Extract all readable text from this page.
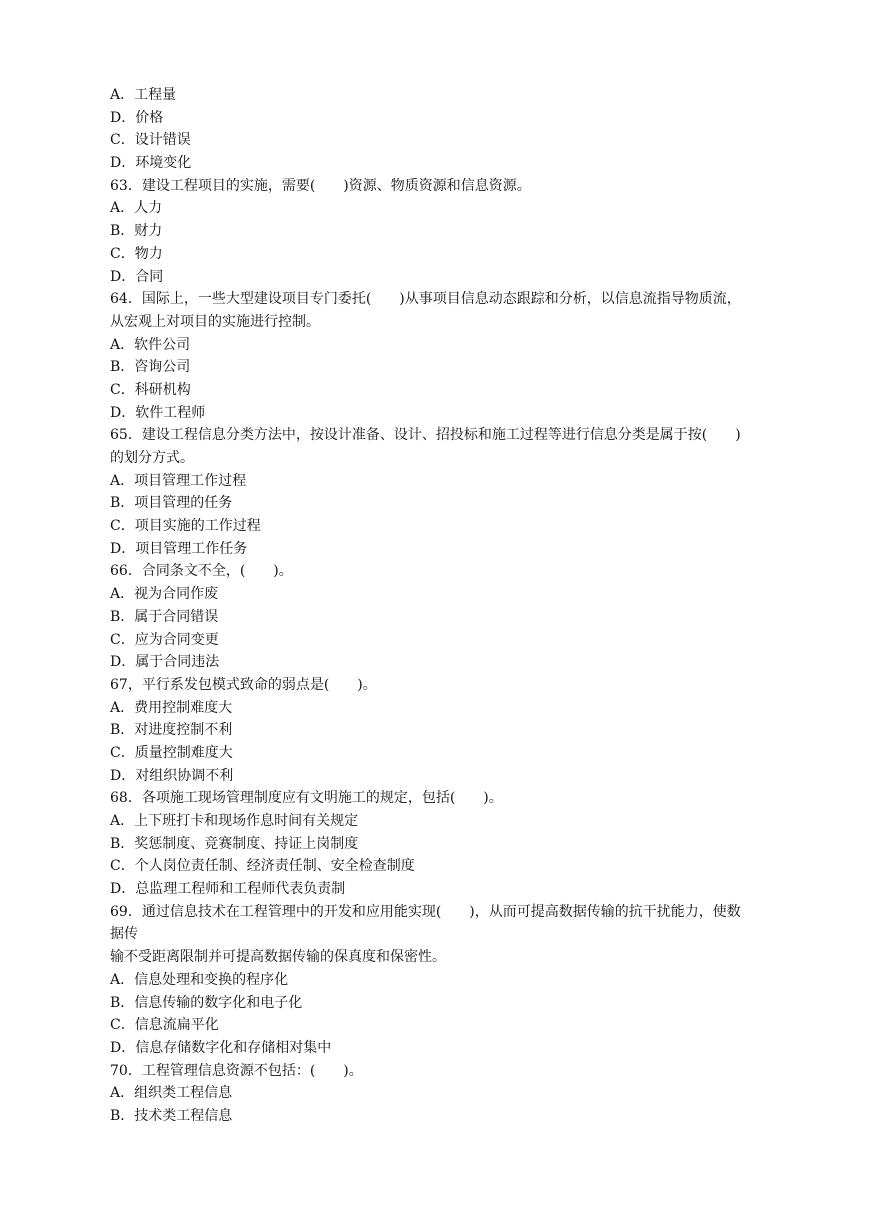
A．工程量
D．价格
C．设计错误
D．环境变化
63．建设工程项目的实施，需要(　　)资源、物质资源和信息资源。
A．人力
B．财力
C．物力
D．合同
64．国际上，一些大型建设项目专门委托(　　)从事项目信息动态跟踪和分析，以信息流指导物质流，
从宏观上对项目的实施进行控制。
A．软件公司
B．咨询公司
C．科研机构
D．软件工程师
65．建设工程信息分类方法中，按设计准备、设计、招投标和施工过程等进行信息分类是属于按(　　)
的划分方式。
A．项目管理工作过程
B．项目管理的任务
C．项目实施的工作过程
D．项目管理工作任务
66．合同条文不全，(　　)。
A．视为合同作废
B．属于合同错误
C．应为合同变更
D．属于合同违法
67，平行系发包模式致命的弱点是(　　)。
A．费用控制难度大
B．对进度控制不利
C．质量控制难度大
D．对组织协调不利
68．各项施工现场管理制度应有文明施工的规定，包括(　　)。
A．上下班打卡和现场作息时间有关规定
B．奖惩制度、竞赛制度、持证上岗制度
C．个人岗位责任制、经济责任制、安全检查制度
D．总监理工程师和工程师代表负责制
69．通过信息技术在工程管理中的开发和应用能实现(　　)，从而可提高数据传输的抗干扰能力，使数
据传
输不受距离限制并可提高数据传输的保真度和保密性。
A．信息处理和变换的程序化
B．信息传输的数字化和电子化
C．信息流扁平化
D．信息存储数字化和存储相对集中
70．工程管理信息资源不包括：(　　)。
A．组织类工程信息
B．技术类工程信息
